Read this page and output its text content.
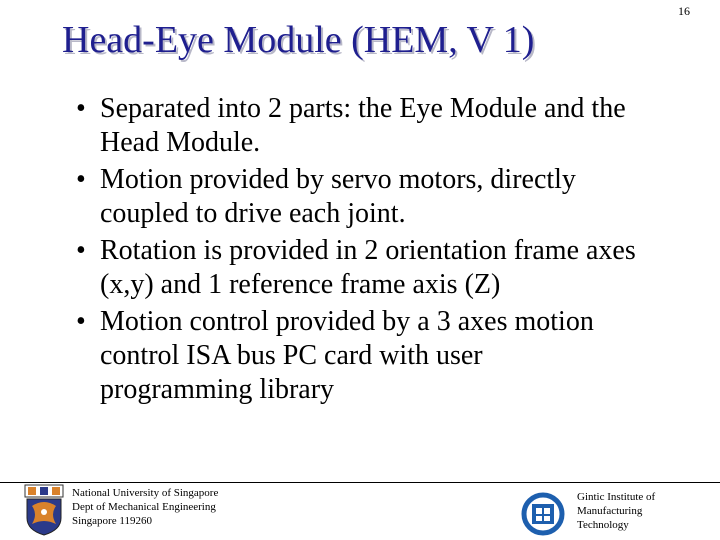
16
Head-Eye Module (HEM, V 1)
• Separated into 2 parts: the Eye Module and the Head Module.
• Motion provided by servo motors, directly coupled to drive each joint.
• Rotation is provided in 2 orientation frame axes (x,y) and 1 reference frame axis (Z)
• Motion control provided by a 3 axes motion control ISA bus PC card with user programming library
National University of Singapore
Dept of Mechanical Engineering
Singapore 119260
Gintic Institute of
Manufacturing
Technology
